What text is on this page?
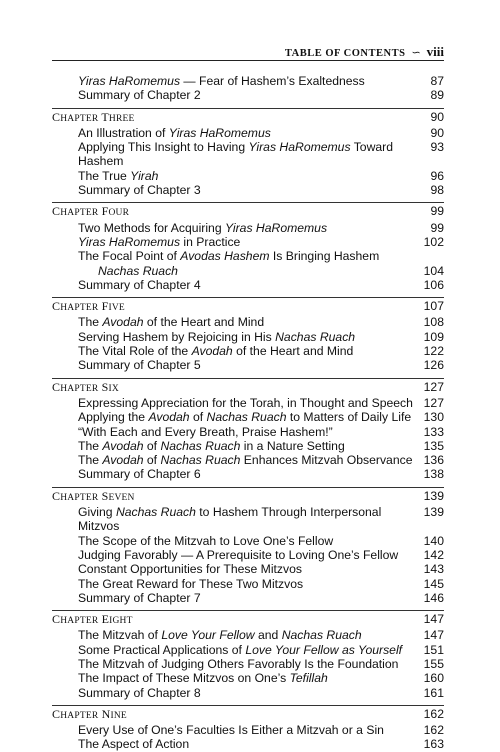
TABLE OF CONTENTS ∽ viii
Yiras HaRomemus — Fear of Hashem’s Exaltedness	87
Summary of Chapter 2	89
CHAPTER THREE	90
An Illustration of Yiras HaRomemus	90
Applying This Insight to Having Yiras HaRomemus Toward Hashem
93
The True Yirah	96
Summary of Chapter 3	98
CHAPTER FOUR	99
Two Methods for Acquiring Yiras HaRomemus	99
Yiras HaRomemus in Practice	102
The Focal Point of Avodas Hashem Is Bringing Hashem
Nachas Ruach	104
Summary of Chapter 4	106
CHAPTER FIVE	107
The Avodah of the Heart and Mind	108
Serving Hashem by Rejoicing in His Nachas Ruach	109
The Vital Role of the Avodah of the Heart and Mind	122
Summary of Chapter 5	126
CHAPTER SIX	127
Expressing Appreciation for the Torah, in Thought and Speech 127
Applying the Avodah of Nachas Ruach to Matters of Daily Life 130
“With Each and Every Breath, Praise Hashem!”	133
The Avodah of Nachas Ruach in a Nature Setting	135
The Avodah of Nachas Ruach Enhances Mitzvah Observance 136
Summary of Chapter 6	138
CHAPTER SEVEN	139
Giving Nachas Ruach to Hashem Through Interpersonal Mitzvos
139
The Scope of the Mitzvah to Love One’s Fellow	140
Judging Favorably — A Prerequisite to Loving One’s Fellow 142
Constant Opportunities for These Mitzvos	143
The Great Reward for These Two Mitzvos	145
Summary of Chapter 7	146
CHAPTER EIGHT	147
The Mitzvah of Love Your Fellow and Nachas Ruach	147
Some Practical Applications of Love Your Fellow as Yourself 151
The Mitzvah of Judging Others Favorably Is the Foundation 155
The Impact of These Mitzvos on One’s Tefillah	160
Summary of Chapter 8	161
CHAPTER NINE	162
Every Use of One’s Faculties Is Either a Mitzvah or a Sin	162
The Aspect of Action	163
